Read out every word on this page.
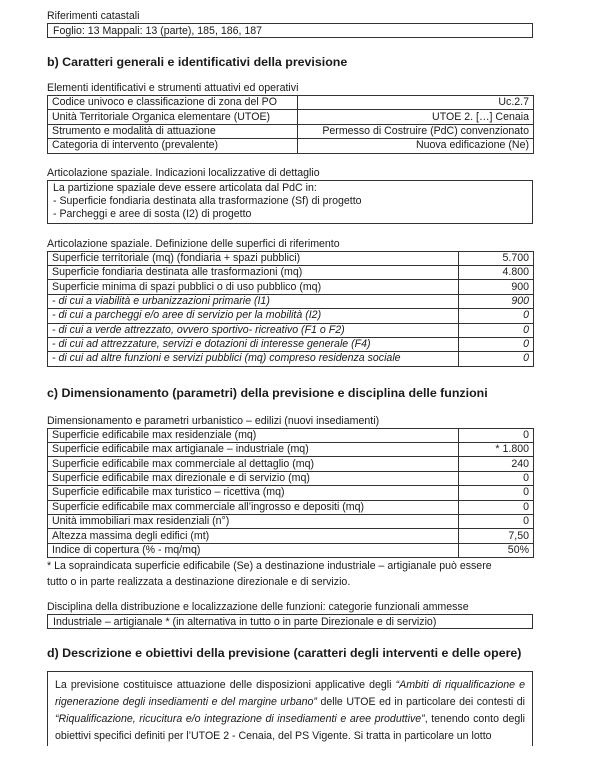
Riferimenti catastali

Foglio: 13 Mappali: 13 (parte), 185, 186, 187
b) Caratteri generali e identificativi della previsione

Elementi identificativi e strumenti attuativi ed operativi

Codice univoco e classificazione di zona del PO	Uc.2.7
Unità Territoriale Organica elementare (UTOE)	UTOE 2. […] Cenaia
Strumento e modalità di attuazione	Permesso di Costruire (PdC) convenzionato
Categoria di intervento (prevalente)	Nuova edificazione (Ne)

Articolazione spaziale. Indicazioni localizzative di dettaglio

La partizione spaziale deve essere articolata dal PdC in:
- Superficie fondiaria destinata alla trasformazione (Sf) di progetto
- Parcheggi e aree di sosta (I2) di progetto

Articolazione spaziale. Definizione delle superfici di riferimento

Superficie territoriale (mq) (fondiaria + spazi pubblici)	5.700
Superficie fondiaria destinata alle trasformazioni (mq)	4.800
Superficie minima di spazi pubblici o di uso pubblico (mq)	900
- di cui a viabilità e urbanizzazioni primarie (I1)	900
- di cui a parcheggi e/o aree di servizio per la mobilità (I2)	0
- di cui a verde attrezzato, ovvero sportivo- ricreativo (F1 o F2)	0
- di cui ad attrezzature, servizi e dotazioni di interesse generale (F4)	0
- di cui ad altre funzioni e servizi pubblici (mq) compreso residenza sociale	0
c) Dimensionamento (parametri) della previsione e disciplina delle funzioni

Dimensionamento e parametri urbanistico – edilizi (nuovi insediamenti)

Superficie edificabile max residenziale (mq)	0
Superficie edificabile max artigianale – industriale (mq)	* 1.800
Superficie edificabile max commerciale al dettaglio (mq)	240
Superficie edificabile max direzionale e di servizio (mq)	0
Superficie edificabile max turistico – ricettiva (mq)	0
Superficie edificabile max commerciale all’ingrosso e depositi (mq)	0
Unità immobiliari max residenziali (n°)	0
Altezza massima degli edifici (mt)	7,50
Indice di copertura (% - mq/mq)	50%

* La sopraindicata superficie edificabile (Se) a destinazione industriale – artigianale può essere

tutto o in parte realizzata a destinazione direzionale e di servizio.

Disciplina della distribuzione e localizzazione delle funzioni: categorie funzionali ammesse

Industriale – artigianale * (in alternativa in tutto o in parte Direzionale e di servizio)
d) Descrizione e obiettivi della previsione (caratteri degli interventi e delle opere)
La previsione costituisce attuazione delle disposizioni applicative degli “Ambiti di riqualificazione e rigenerazione degli insediamenti e del margine urbano” delle UTOE ed in particolare dei contesti di “Riqualificazione, ricucitura e/o integrazione di insediamenti e aree produttive”, tenendo conto degli obiettivi specifici definiti per l’UTOE 2 - Cenaia, del PS Vigente. Si tratta in particolare un lotto
